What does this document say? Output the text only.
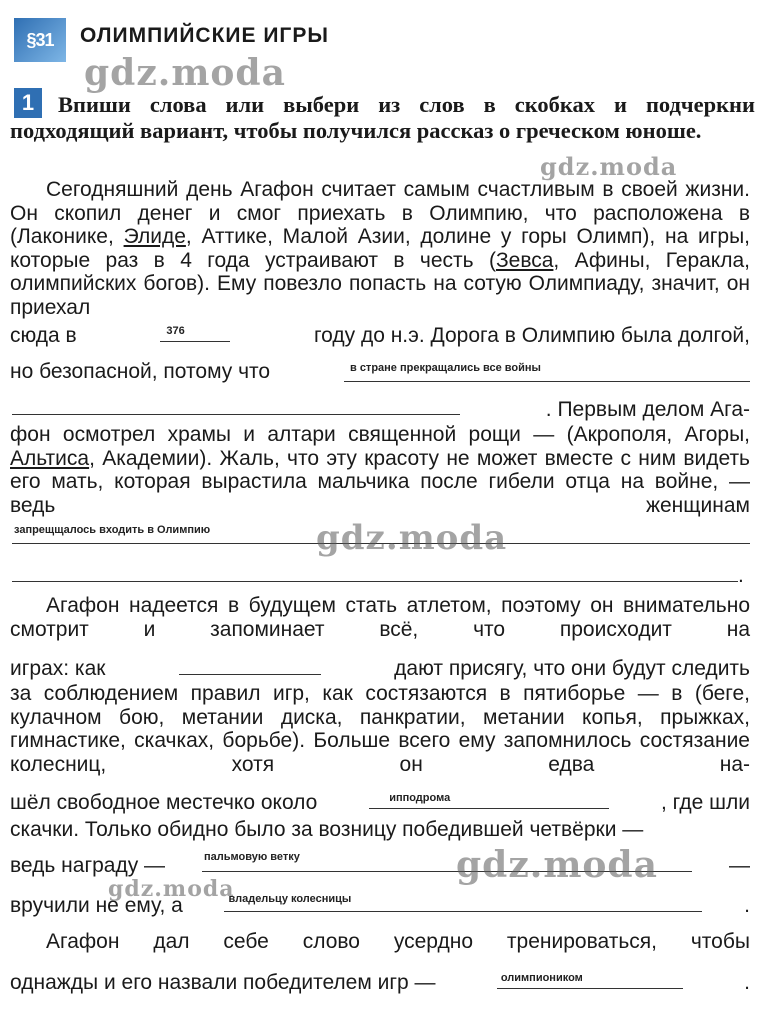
§31	ОЛИМПИЙСКИЕ ИГРЫ
Впиши слова или выбери из слов в скобках и подчеркни подходящий вариант, чтобы получился рассказ о греческом юноше.
1
Сегодняшний день Агафон считает самым счастливым в своей жизни. Он скопил денег и смог приехать в Олимпию, что расположена в (Лаконике, Элиде, Аттике, Малой Азии, долине у горы Олимп), на игры, которые раз в 4 года устраивают в честь (Зевса, Афины, Геракла, олимпийских богов). Ему повезло попасть на сотую Олимпиаду, значит, он приехал
сюда в	376	году до н.э. Дорога в Олимпию была долгой,
но безопасной, потому что	в стране прекращались все войны
. Первым делом Ага-
фон осмотрел храмы и алтари священной рощи — (Акрополя, Агоры, Альтиса, Академии). Жаль, что эту красоту не может вместе с ним видеть его мать, которая вырастила мальчика после гибели отца на войне, — ведь женщинам
запрещщалось входить в Олимпию
.
Агафон надеется в будущем стать атлетом, поэтому он внимательно смотрит и запоминает всё, что происходит на
играх: как	дают присягу, что они будут следить
за соблюдением правил игр, как состязаются в пятиборье — в (беге, кулачном бою, метании диска, панкратии, метании копья, прыжках, гимнастике, скачках, борьбе). Больше всего ему запомнилось состязание колесниц, хотя он едва на-
шёл свободное местечко около	ипподрома	, где шли
скачки. Только обидно было за возницу победившей четвёрки —
ведь награду —	пальмовую ветку	—
вручили не ему, а	владельцу колесницы	.
Агафон дал себе слово усердно тренироваться, чтобы
однажды и его назвали победителем игр —	олимпиоником	.
gdz.moda
gdz.moda
gdz.moda
gdz.moda
gdz.moda
